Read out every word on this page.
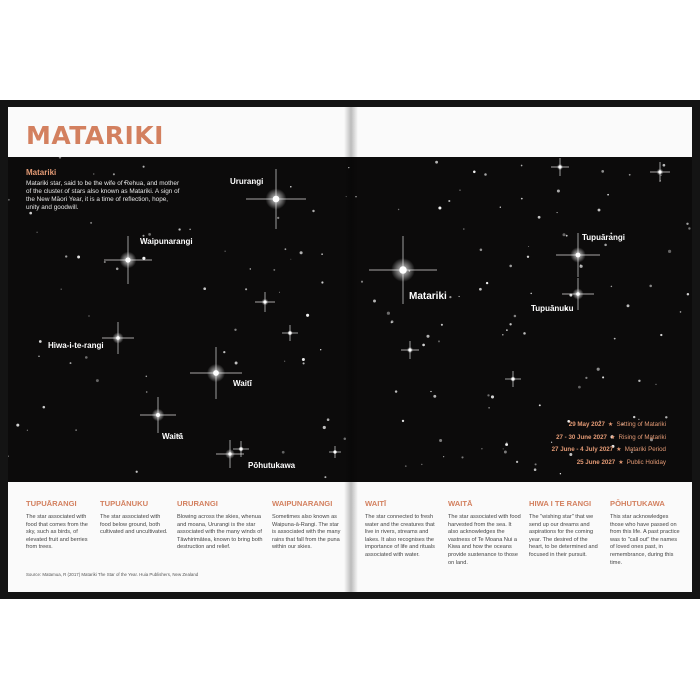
MATARIKI
Matariki
Matariki star, said to be the wife of Rehua, and mother of the cluster of stars also known as Matariki. A sign of the New Māori Year, it is a time of reflection, hope, unity and goodwill.
Ururangi
Waipunarangi
Hiwa-i-te-rangi
Waitī
Waitā
Pōhutukawa
Matariki
Tupuārangi
Tupuānuku
29 May 2027 ★ Setting of Matariki
27 - 30 June 2027 ★ Rising of Matariki
27 June - 4 July 2027 ★ Matariki Period
25 June 2027 ★ Public Holiday
TUPUĀRANGI
The star associated with food that comes from the sky, such as birds, of elevated fruit and berries from trees.
TUPUĀNUKU
The star associated with food below ground, both cultivated and uncultivated.
URURANGI
Blowing across the skies, whenua and moana, Ururangi is the star associated with the many winds of Tāwhirimātea, known to bring both destruction and relief.
WAIPUNARANGI
Sometimes also known as Waipuna-ā-Rangi. The star is associated with the many rains that fall from the puna within our skies.
WAITĪ
The star connected to fresh water and the creatures that live in rivers, streams and lakes. It also recognises the importance of life and rituals associated with water.
WAITĀ
The star associated with food harvested from the sea. It also acknowledges the vastness of Te Moana Nui a Kiwa and how the oceans provide sustenance to those on land.
HIWA I TE RANGI
The "wishing star" that we send up our dreams and aspirations for the coming year. The desired of the heart, to be determined and focused in their pursuit.
PŌHUTUKAWA
This star acknowledges those who have passed on from this life. A past practice was to "call out" the names of loved ones past, in remembrance, during this time.
Source: Matamua, R (2017) Matariki The Star of the Year. Huia Publishers, New Zealand
